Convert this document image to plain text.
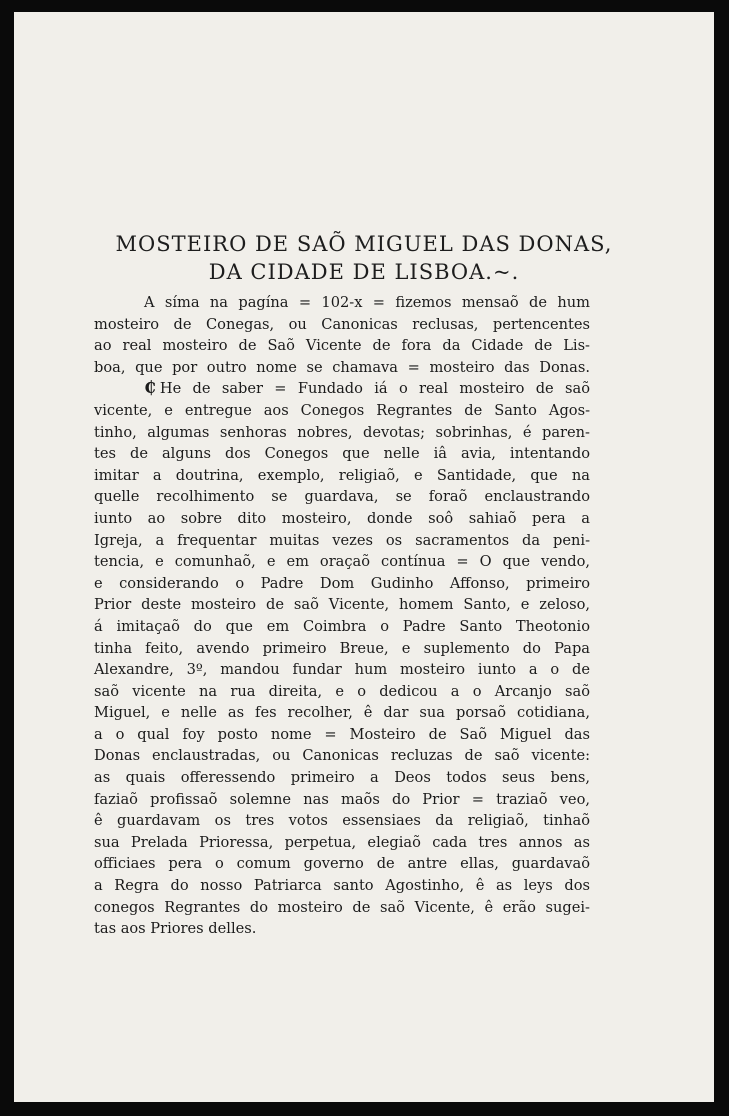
MOSTEIRO DE SAÕ MIGUEL DAS DONAS,
DA CIDADE DE LISBOA.~.
A síma na pagína = 102-x = fizemos mensaõ de hum
mosteiro de Conegas, ou Canonicas reclusas, pertencentes
ao real mosteiro de Saõ Vicente de fora da Cidade de Lis-
boa, que por outro nome se chamava = mosteiro das Donas.
₵ He de saber = Fundado iá o real mosteiro de saõ
vicente, e entregue aos Conegos Regrantes de Santo Agos-
tinho, algumas senhoras nobres, devotas; sobrinhas, é paren-
tes de alguns dos Conegos que nelle iâ avia, intentando
imitar a doutrina, exemplo, religiaõ, e Santidade, que na
quelle recolhimento se guardava, se foraõ enclaustrando
iunto ao sobre dito mosteiro, donde soô sahiaõ pera a
Igreja, a frequentar muitas vezes os sacramentos da peni-
tencia, e comunhaõ, e em oraçaõ contínua = O que vendo,
e considerando o Padre Dom Gudinho Affonso, primeiro
Prior deste mosteiro de saõ Vicente, homem Santo, e zeloso,
á imitaçaõ do que em Coimbra o Padre Santo Theotonio
tinha feito, avendo primeiro Breue, e suplemento do Papa
Alexandre, 3º, mandou fundar hum mosteiro iunto a o de
saõ vicente na rua direita, e o dedicou a o Arcanjo saõ
Miguel, e nelle as fes recolher, ê dar sua porsaõ cotidiana,
a o qual foy posto nome = Mosteiro de Saõ Miguel das
Donas enclaustradas, ou Canonicas recluzas de saõ vicente:
as quais offeressendo primeiro a Deos todos seus bens,
faziaõ profissaõ solemne nas maõs do Prior = traziaõ veo,
ê guardavam os tres votos essensiaes da religiaõ, tinhaõ
sua Prelada Prioressa, perpetua, elegiaõ cada tres annos as
officiaes pera o comum governo de antre ellas, guardavaõ
a Regra do nosso Patriarca santo Agostinho, ê as leys dos
conegos Regrantes do mosteiro de saõ Vicente, ê erão sugei-
tas aos Priores delles.
